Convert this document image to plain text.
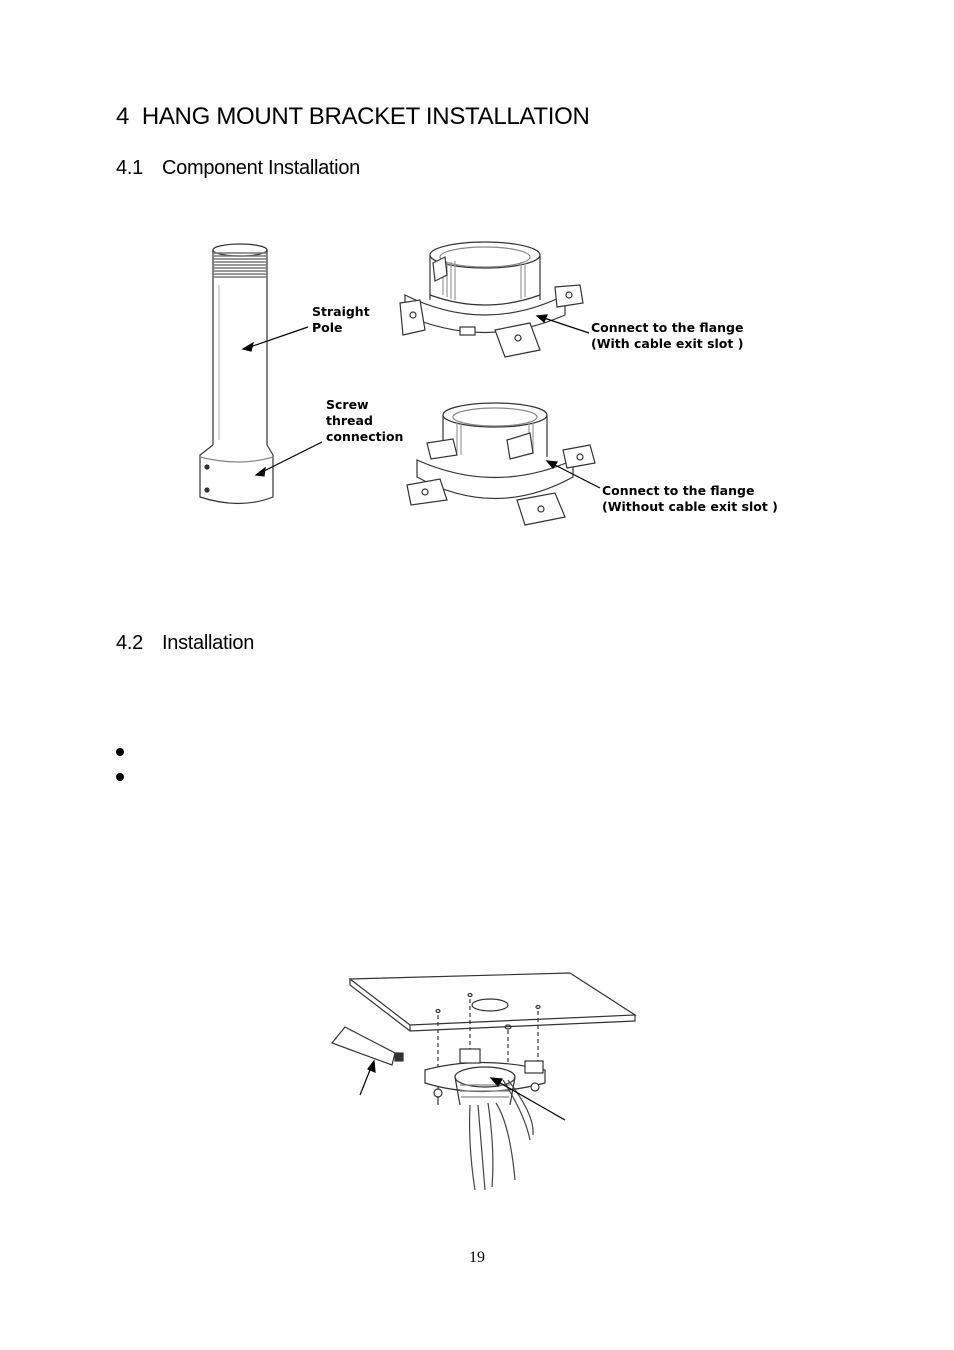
4 HANG MOUNT BRACKET INSTALLATION
4.1 Component Installation
Straight
Pole
Screw
thread
connection
Connect to the flange
(With cable exit slot )
Connect to the flange
(Without cable exit slot )
4.2 Installation
19
